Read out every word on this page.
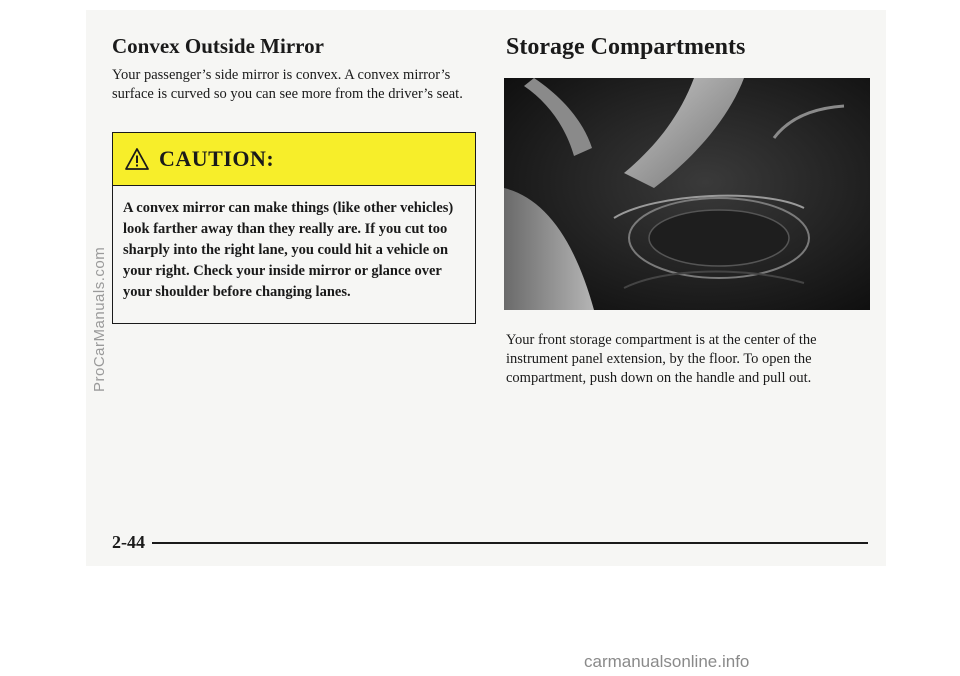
Convex Outside Mirror

Your passenger’s side mirror is convex. A convex mirror’s surface is curved so you can see more from the driver’s seat.

CAUTION:

A convex mirror can make things (like other vehicles) look farther away than they really are. If you cut too sharply into the right lane, you could hit a vehicle on your right. Check your inside mirror or glance over your shoulder before changing lanes.

Storage Compartments

Your front storage compartment is at the center of the instrument panel extension, by the floor. To open the compartment, push down on the handle and pull out.

2-44
ProCarManuals.com
carmanualsonline.info
